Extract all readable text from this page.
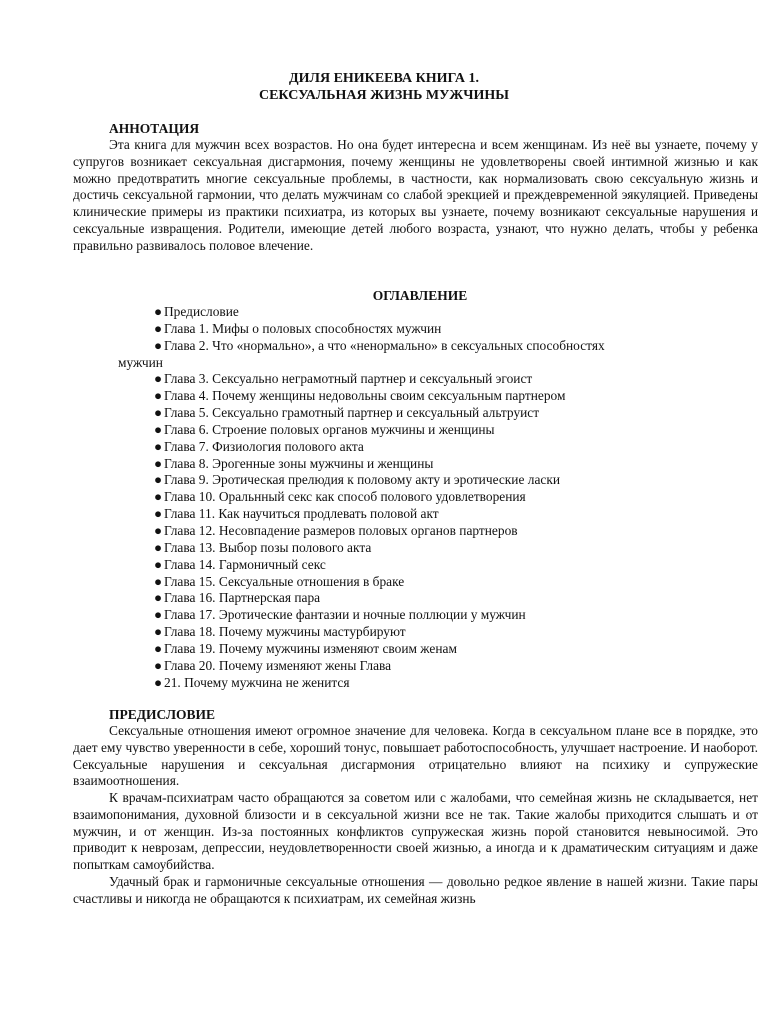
ДИЛЯ ЕНИКЕЕВА КНИГА 1.
СЕКСУАЛЬНАЯ ЖИЗНЬ МУЖЧИНЫ
АННОТАЦИЯ
Эта книга для мужчин всех возрастов. Но она будет интересна и всем женщинам. Из неё вы узнаете, почему у супругов возникает сексуальная дисгармония, почему женщины не удовлетворены своей интимной жизнью и как можно предотвратить многие сексуальные проблемы, в частности, как нормализовать свою сексуальную жизнь и достичь сексуальной гармонии, что делать мужчинам со слабой эрекцией и преждевременной эякуляцией. Приведены клинические примеры из практики психиатра, из которых вы узнаете, почему возникают сексуальные нарушения и сексуальные извращения. Родители, имеющие детей любого возраста, узнают, что нужно делать, чтобы у ребенка правильно развивалось половое влечение.
ОГЛАВЛЕНИЕ
● Предисловие
● Глава 1. Мифы о половых способностях мужчин
● Глава 2. Что «нормально», а что «ненормально» в сексуальных способностях
мужчин
● Глава 3. Сексуально неграмотный партнер и сексуальный эгоист
● Глава 4. Почему женщины недовольны своим сексуальным партнером
● Глава 5. Сексуально грамотный партнер и сексуальный альтруист
● Глава 6. Строение половых органов мужчины и женщины
● Глава 7. Физиология полового акта
● Глава 8. Эрогенные зоны мужчины и женщины
● Глава 9. Эротическая прелюдия к половому акту и эротические ласки
● Глава 10. Оральнный секс как способ полового удовлетворения
● Глава 11. Как научиться продлевать половой акт
● Глава 12. Несовпадение размеров половых органов партнеров
● Глава 13. Выбор позы полового акта
● Глава 14. Гармоничный секс
● Глава 15. Сексуальные отношения в браке
● Глава 16. Партнерская пара
● Глава 17. Эротические фантазии и ночные поллюции у мужчин
● Глава 18. Почему мужчины мастурбируют
● Глава 19. Почему мужчины изменяют своим женам
● Глава 20. Почему изменяют жены Глава
● 21. Почему мужчина не женится
ПРЕДИСЛОВИЕ
Сексуальные отношения имеют огромное значение для человека. Когда в сексуальном плане все в порядке, это дает ему чувство уверенности в себе, хороший тонус, повышает работоспособность, улучшает настроение. И наоборот. Сексуальные нарушения и сексуальная дисгармония отрицательно влияют на психику и супружеские взаимоотношения.
К врачам-психиатрам часто обращаются за советом или с жалобами, что семейная жизнь не складывается, нет взаимопонимания, духовной близости и в сексуальной жизни все не так. Такие жалобы приходится слышать и от мужчин, и от женщин. Из-за постоянных конфликтов супружеская жизнь порой становится невыносимой. Это приводит к неврозам, депрессии, неудовлетворенности своей жизнью, а иногда и к драматическим ситуациям и даже попыткам самоубийства.
Удачный брак и гармоничные сексуальные отношения — довольно редкое явление в нашей жизни. Такие пары счастливы и никогда не обращаются к психиатрам, их семейная жизнь
